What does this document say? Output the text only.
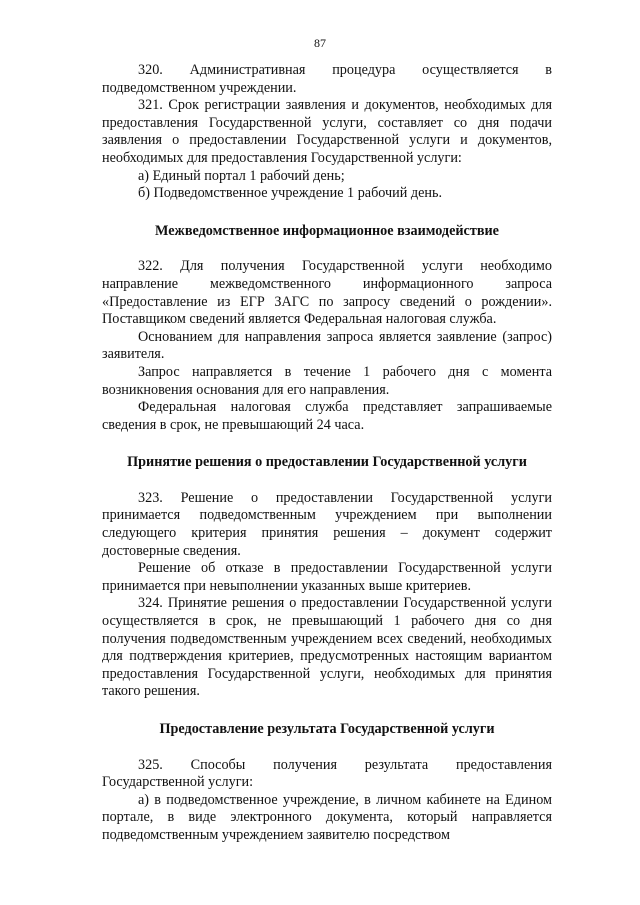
87

320. Административная процедура осуществляется в подведомственном учреждении.

321. Срок регистрации заявления и документов, необходимых для предоставления Государственной услуги, составляет со дня подачи заявления о предоставлении Государственной услуги и документов, необходимых для предоставления Государственной услуги:

а) Единый портал 1 рабочий день;

б) Подведомственное учреждение 1 рабочий день.

Межведомственное информационное взаимодействие

322. Для получения Государственной услуги необходимо направление межведомственного информационного запроса «Предоставление из ЕГР ЗАГС по запросу сведений о рождении». Поставщиком сведений является Федеральная налоговая служба.

Основанием для направления запроса является заявление (запрос) заявителя.

Запрос направляется в течение 1 рабочего дня с момента возникновения основания для его направления.

Федеральная налоговая служба представляет запрашиваемые сведения в срок, не превышающий 24 часа.

Принятие решения о предоставлении Государственной услуги

323. Решение о предоставлении Государственной услуги принимается подведомственным учреждением при выполнении следующего критерия принятия решения – документ содержит достоверные сведения.

Решение об отказе в предоставлении Государственной услуги принимается при невыполнении указанных выше критериев.

324. Принятие решения о предоставлении Государственной услуги осуществляется в срок, не превышающий 1 рабочего дня со дня получения подведомственным учреждением всех сведений, необходимых для подтверждения критериев, предусмотренных настоящим вариантом предоставления Государственной услуги, необходимых для принятия такого решения.

Предоставление результата Государственной услуги

325. Способы получения результата предоставления Государственной услуги:

а) в подведомственное учреждение, в личном кабинете на Едином портале, в виде электронного документа, который направляется подведомственным учреждением заявителю посредством
